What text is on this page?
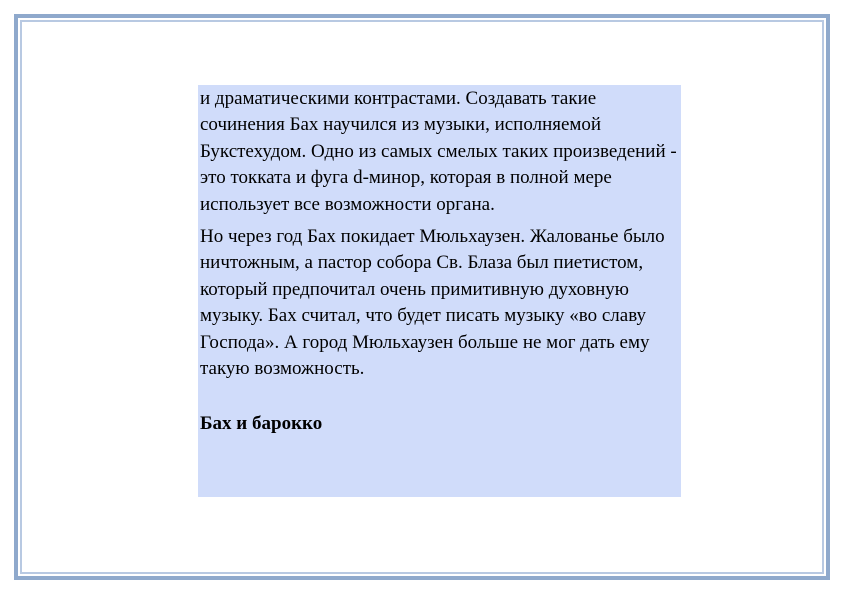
и драматическими контрастами. Создавать такие сочинения Бах научился из музыки, исполняемой Букстехудом. Одно из самых смелых таких произведений - это токката и фуга d-минор, которая в полной мере использует все возможности органа.

Но через год Бах покидает Мюльхаузен. Жалованье было ничтожным, а пастор собора Св. Блаза был пиетистом, который предпочитал очень примитивную духовную музыку. Бах считал, что будет писать музыку «во славу Господа». А город Мюльхаузен больше не мог дать ему такую возможность.

Бах и барокко
